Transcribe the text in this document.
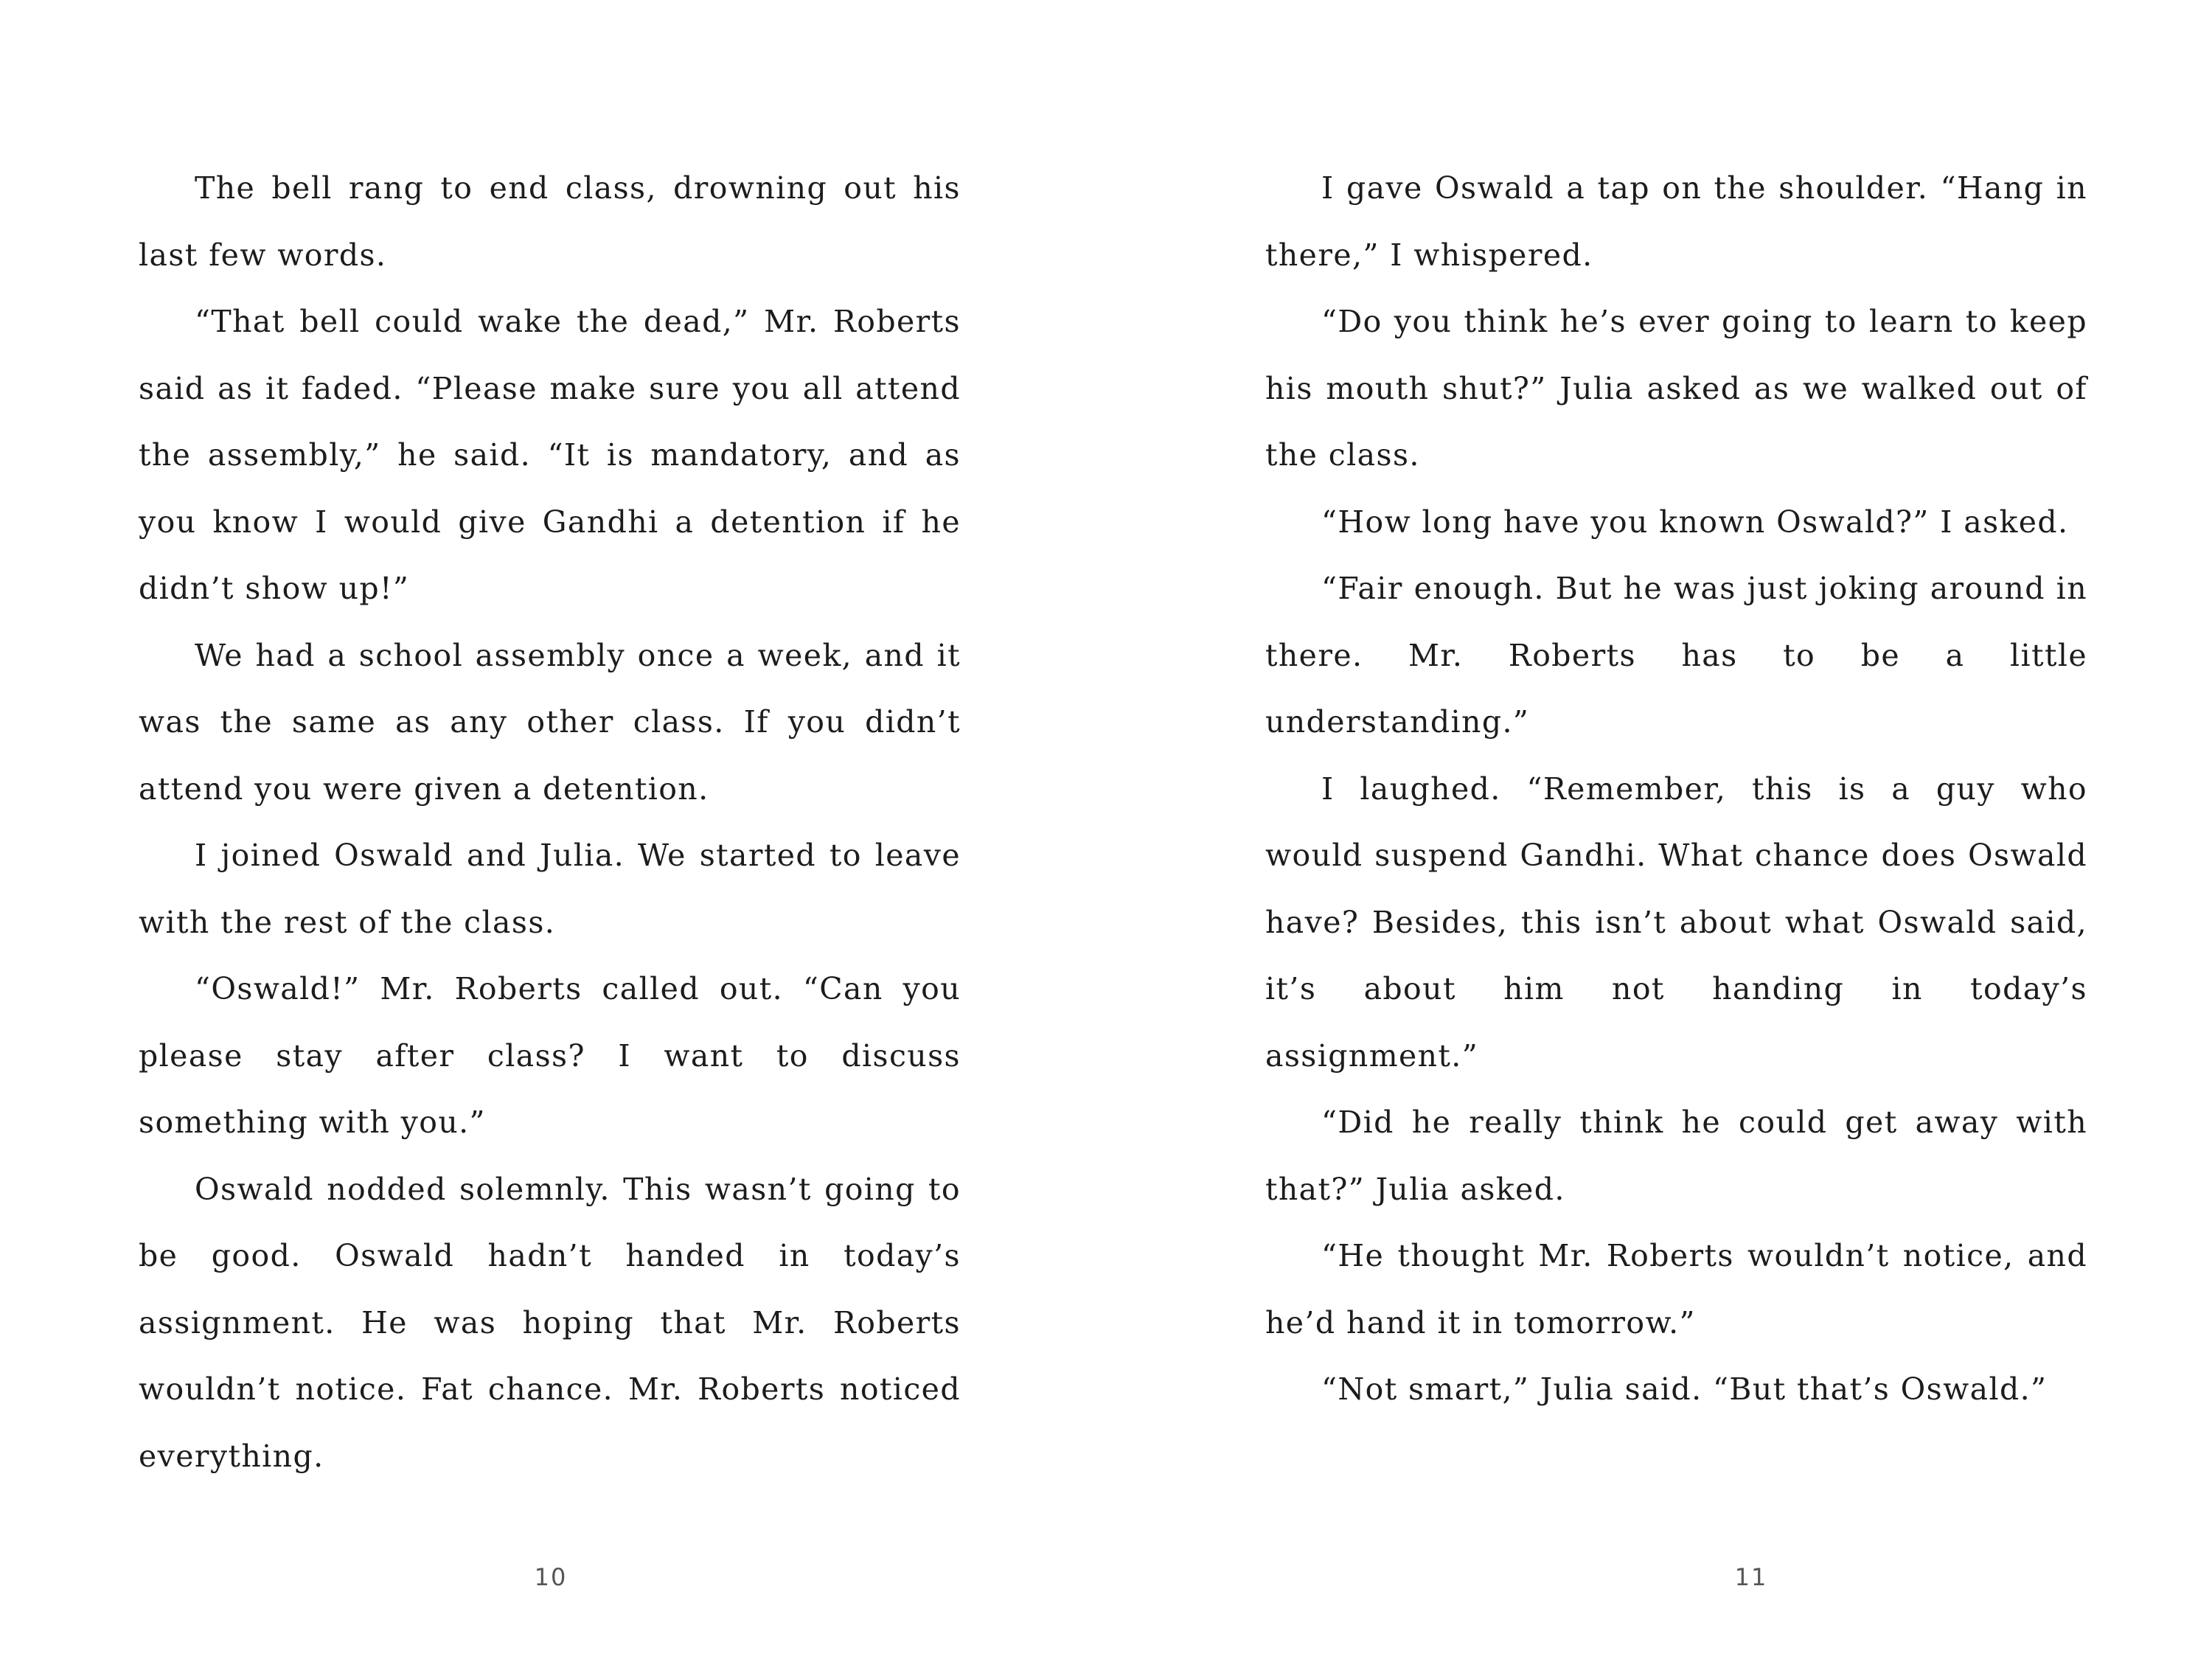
The bell rang to end class, drowning out his last few words.

“That bell could wake the dead,” Mr. Roberts said as it faded. “Please make sure you all attend the assembly,” he said. “It is mandatory, and as you know I would give Gandhi a detention if he didn’t show up!”

We had a school assembly once a week, and it was the same as any other class. If you didn’t attend you were given a detention.

I joined Oswald and Julia. We started to leave with the rest of the class.

“Oswald!” Mr. Roberts called out. “Can you please stay after class? I want to discuss something with you.”

Oswald nodded solemnly. This wasn’t going to be good. Oswald hadn’t handed in today’s assignment. He was hoping that Mr. Roberts wouldn’t notice. Fat chance. Mr. Roberts noticed everything.

10

I gave Oswald a tap on the shoulder. “Hang in there,” I whispered.

“Do you think he’s ever going to learn to keep his mouth shut?” Julia asked as we walked out of the class.

“How long have you known Oswald?” I asked.

“Fair enough. But he was just joking around in there. Mr. Roberts has to be a little understanding.”

I laughed. “Remember, this is a guy who would suspend Gandhi. What chance does Oswald have? Besides, this isn’t about what Oswald said, it’s about him not handing in today’s assignment.”

“Did he really think he could get away with that?” Julia asked.

“He thought Mr. Roberts wouldn’t notice, and he’d hand it in tomorrow.”

“Not smart,” Julia said. “But that’s Oswald.”

11
